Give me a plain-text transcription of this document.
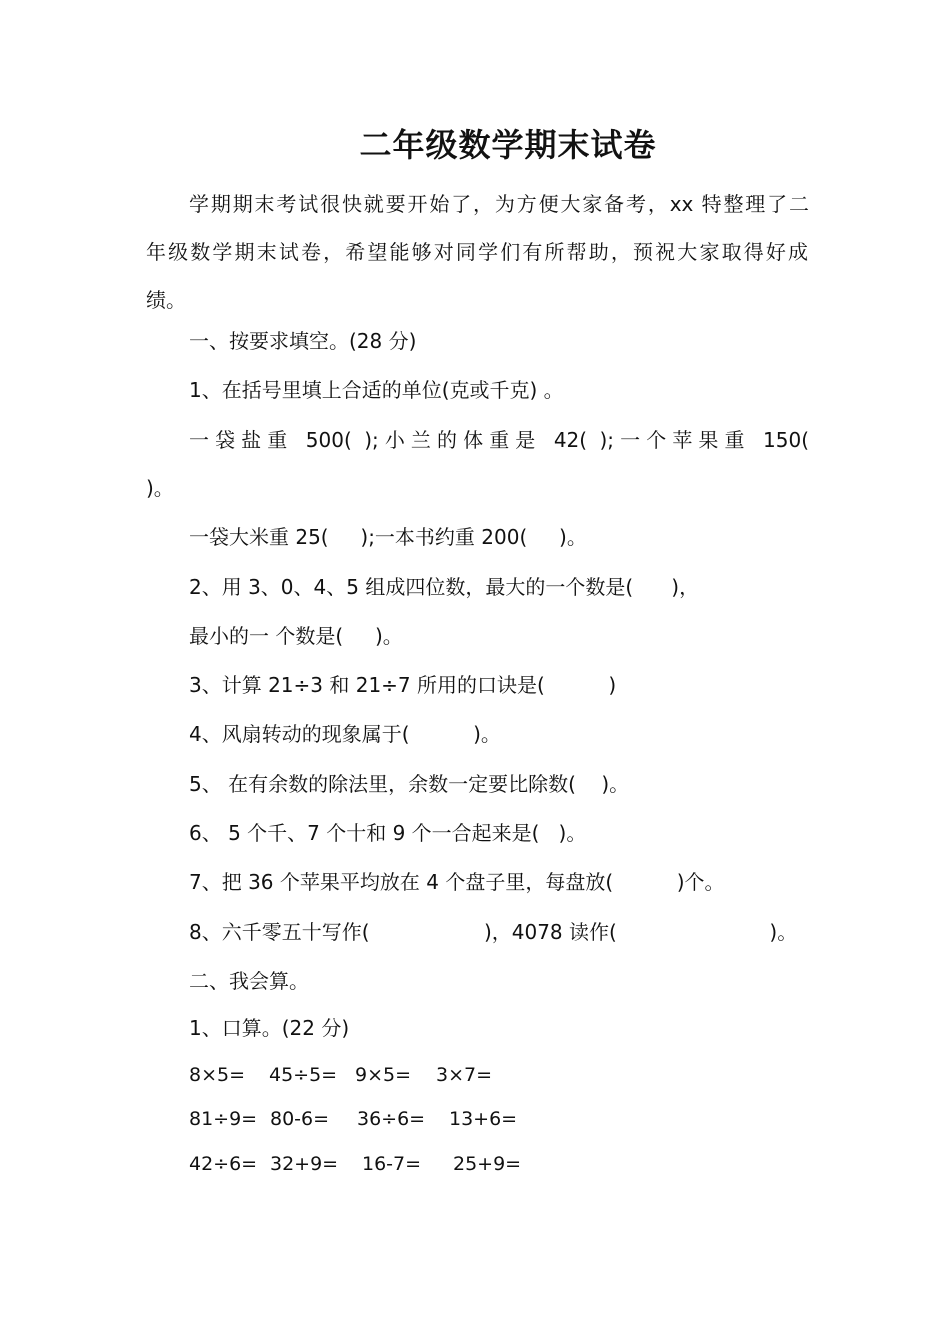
二年级数学期末试卷
学期期末考试很快就要开始了，为方便大家备考，xx 特整理了二
年级数学期末试卷，希望能够对同学们有所帮助，预祝大家取得好成
绩。
一、按要求填空。(28 分)
1、在括号里填上合适的单位(克或千克) 。
一袋盐重 500( );小兰的体重是 42( );一个苹果重 150(
)。
一袋大米重 25(     );一本书约重 200(     )。
2、用 3、0、4、5 组成四位数，最大的一个数是(      )，
最小的一 个数是(     )。
3、计算 21÷3 和 21÷7 所用的口诀是(          )
4、风扇转动的现象属于(          )。
5、 在有余数的除法里，余数一定要比除数(    )。
6、 5 个千、7 个十和 9 个一合起来是(   )。
7、把 36 个苹果平均放在 4 个盘子里，每盘放(          )个。
8、六千零五十写作(                  )，4078 读作(                        )。
二、我会算。
1、口算。(22 分)
8×5= 45÷5= 9×5= 3×7=
81÷9= 80-6= 36÷6= 13+6=
42÷6= 32+9= 16-7= 25+9=
